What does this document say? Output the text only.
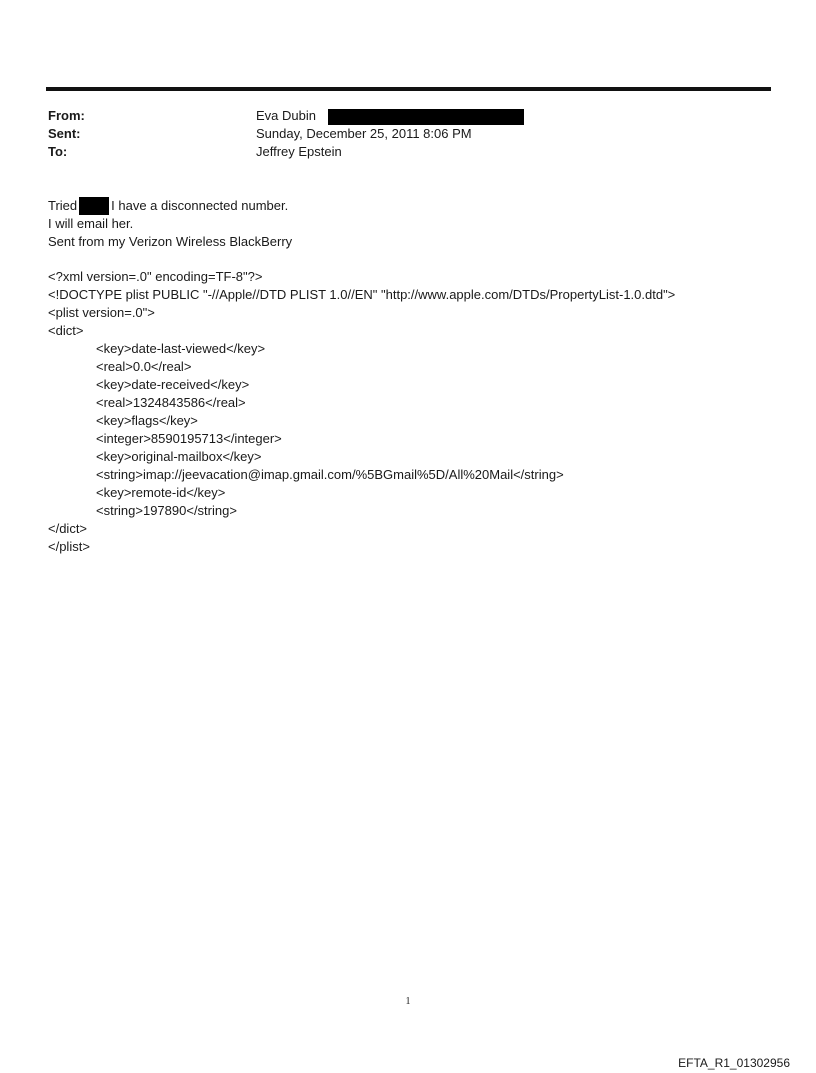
From:	Eva Dubin
Sent:	Sunday, December 25, 2011 8:06 PM
To:	Jeffrey Epstein
Tried	I have a disconnected number.
I will email her.
Sent from my Verizon Wireless BlackBerry
<?xml version=.0" encoding=TF-8"?>
<!DOCTYPE plist PUBLIC "-//Apple//DTD PLIST 1.0//EN" "http://www.apple.com/DTDs/PropertyList-1.0.dtd">
<plist version=.0">
<dict>
<key>date-last-viewed</key>
<real>0.0</real>
<key>date-received</key>
<real>1324843586</real>
<key>flags</key>
<integer>8590195713</integer>
<key>original-mailbox</key>
<string>imap://jeevacation@imap.gmail.com/%5BGmail%5D/All%20Mail</string>
<key>remote-id</key>
<string>197890</string>
</dict>
</plist>
1
EFTA_R1_01302956
